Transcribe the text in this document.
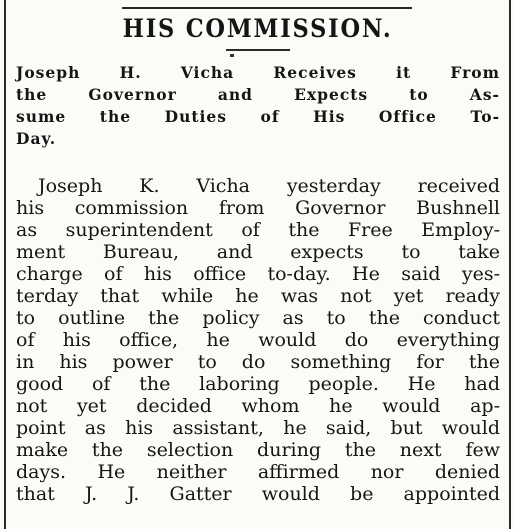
HIS COMMISSION.
Joseph H. Vicha Receives it From
the Governor and Expects to As-
sume the Duties of His Office To-
Day.
Joseph K. Vicha yesterday received
his commission from Governor Bushnell
as superintendent of the Free Employ-
ment Bureau, and expects to take
charge of his office to-day. He said yes-
terday that while he was not yet ready
to outline the policy as to the conduct
of his office, he would do everything
in his power to do something for the
good of the laboring people. He had
not yet decided whom he would ap-
point as his assistant, he said, but would
make the selection during the next few
days. He neither affirmed nor denied
that J. J. Gatter would be appointed
